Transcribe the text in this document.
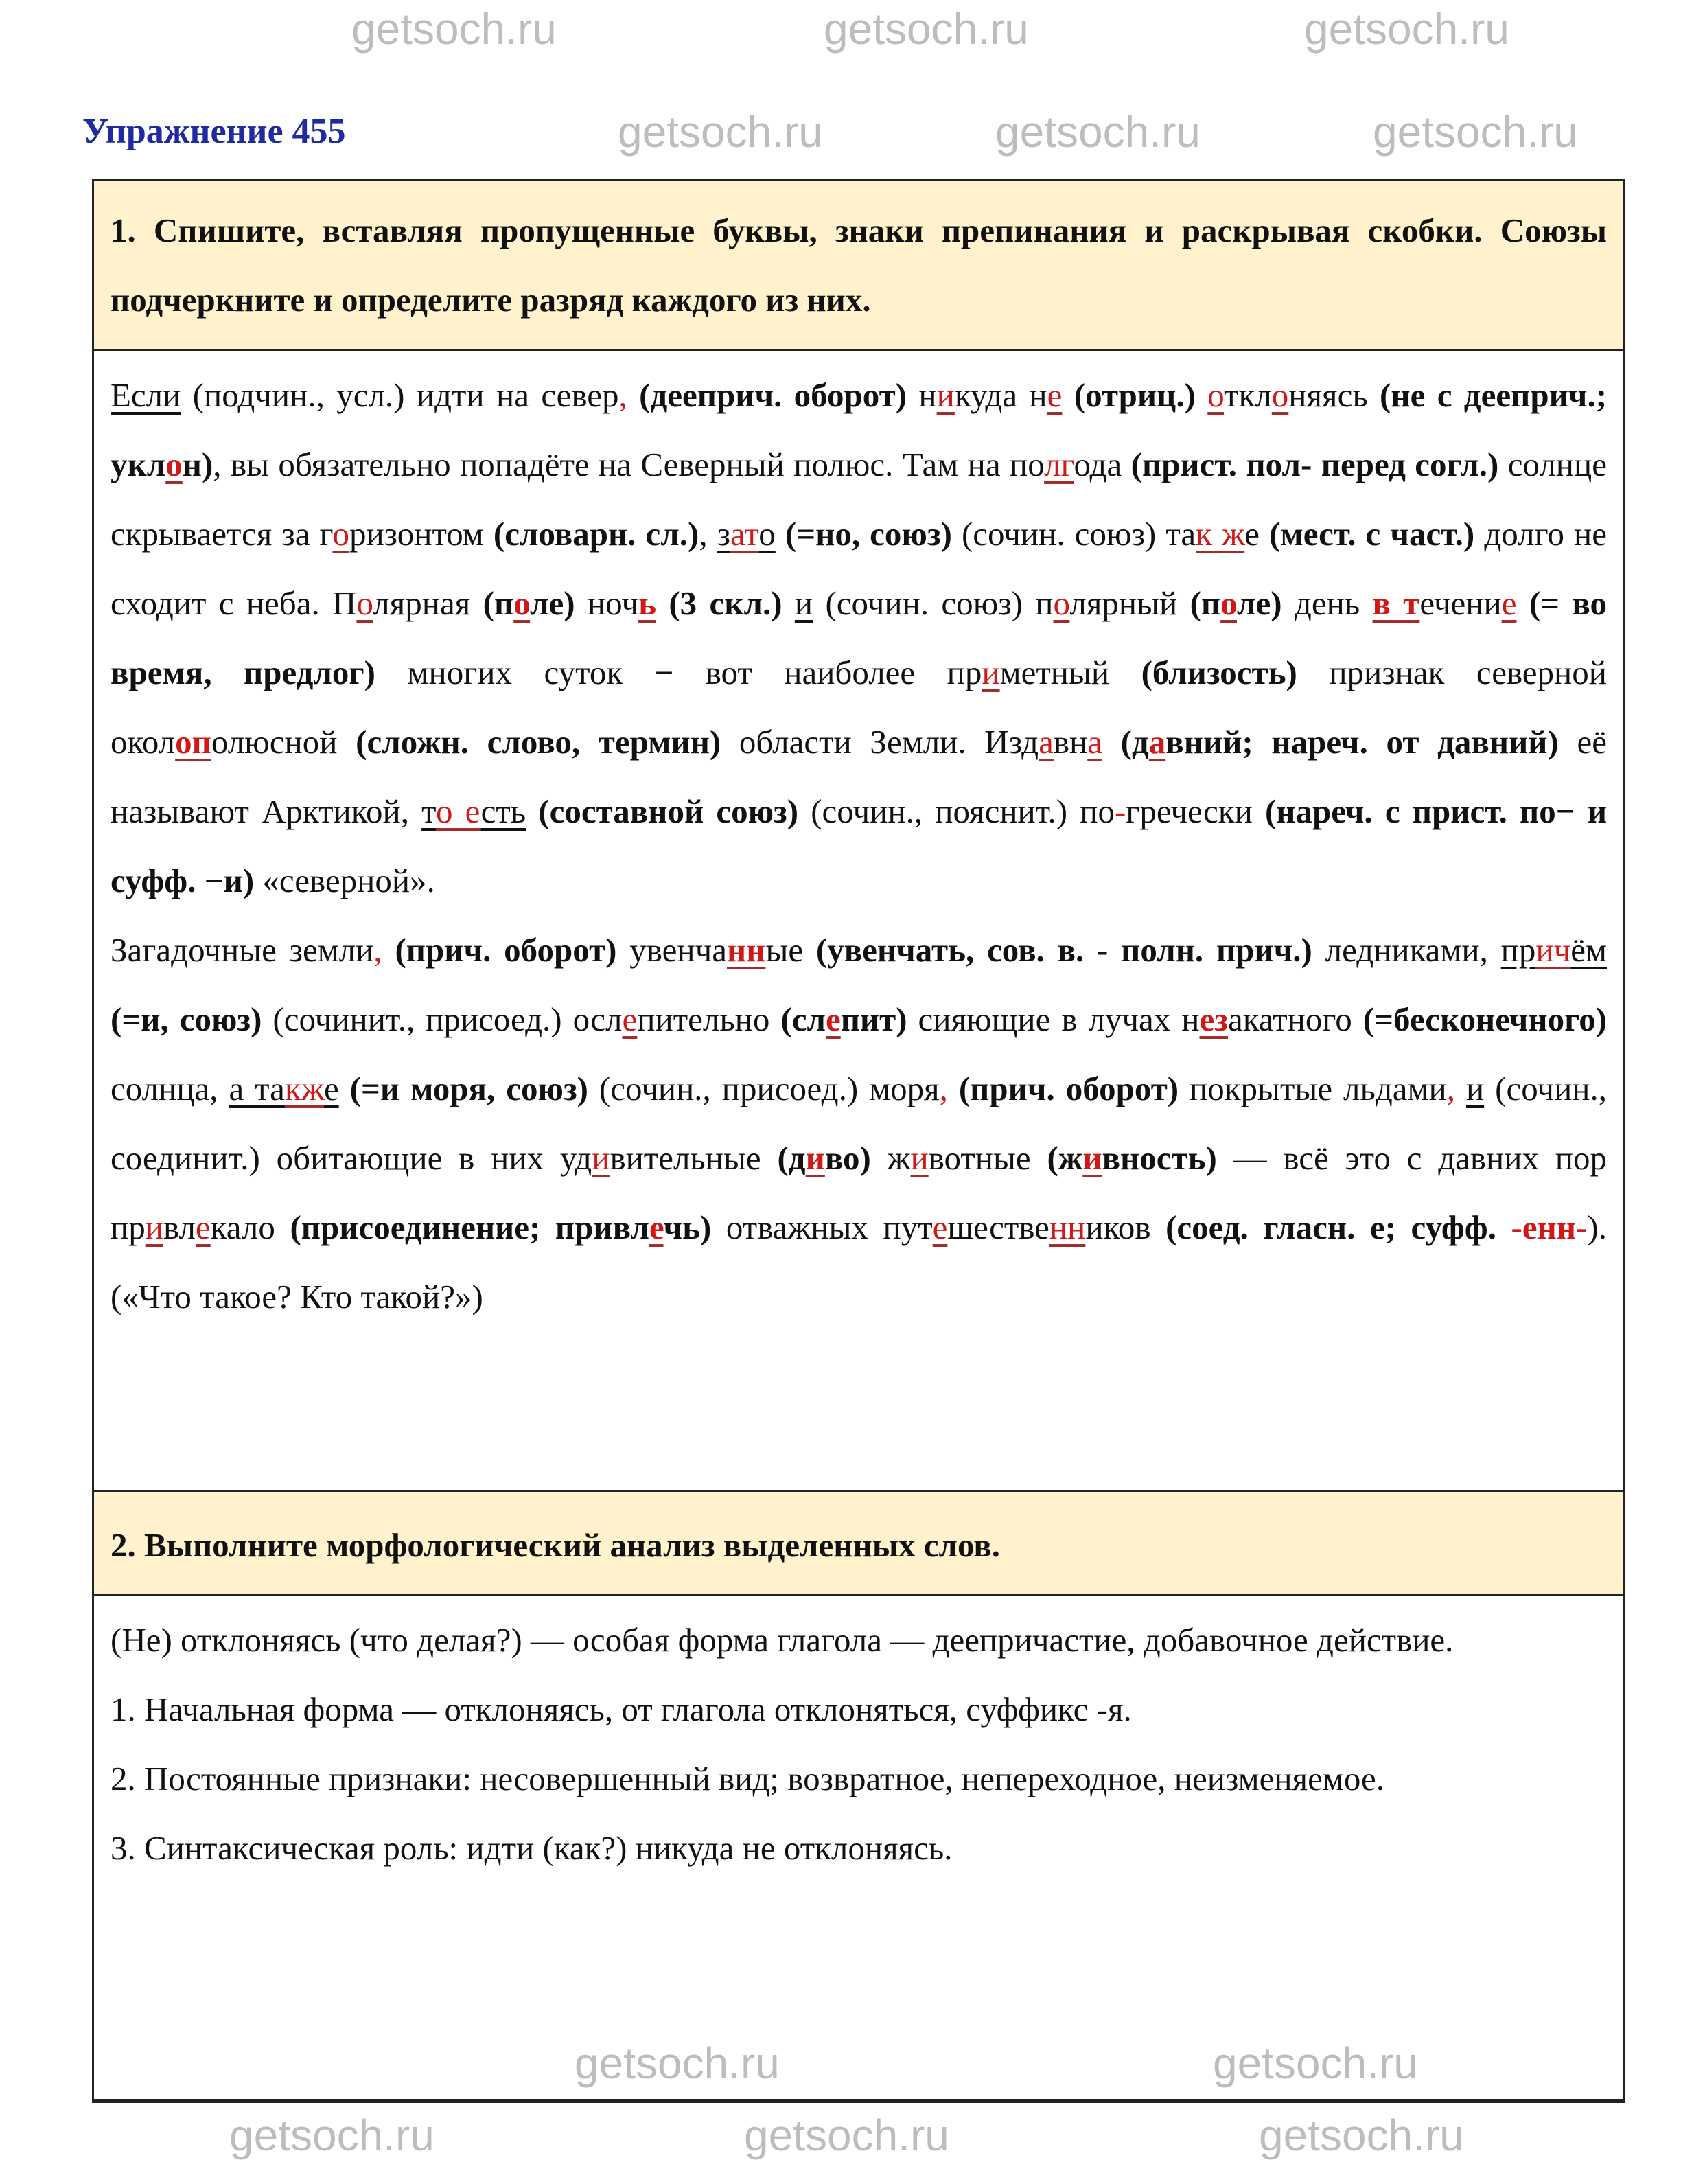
getsoch.ru	getsoch.ru	getsoch.ru
Упражнение 455	getsoch.ru	getsoch.ru	getsoch.ru

1. Спишите, вставляя пропущенные буквы, знаки препинания и раскрывая скобки. Союзы подчеркните и определите разряд каждого из них.

Если (подчин., усл.) идти на север, (дееприч. оборот) никуда не (отриц.) отклоняясь (не с дееприч.; уклон), вы обязательно попадёте на Северный полюс. Там на полгода (прист. пол- перед согл.) солнце скрывается за горизонтом (словарн. сл.), зато (=но, союз) (сочин. союз) так же (мест. с част.) долго не сходит с неба. Полярная (поле) ночь (3 скл.) и (сочин. союз) полярный (поле) день в течение (= во время, предлог) многих суток − вот наиболее приметный (близость) признак северной околополюсной (сложн. слово, термин) области Земли. Издавна (давний; нареч. от давний) её называют Арктикой, то есть (составной союз) (сочин., пояснит.) по-гречески (нареч. с прист. по− и суфф. −и) «северной».

Загадочные земли, (прич. оборот) увенчанные (увенчать, сов. в. - полн. прич.) ледниками, причём (=и, союз) (сочинит., присоед.) ослепительно (слепит) сияющие в лучах незакатного (=бесконечного) солнца, а также (=и моря, союз) (сочин., присоед.) моря, (прич. оборот) покрытые льдами, и (сочин., соединит.) обитающие в них удивительные (диво) животные (живность) — всё это с давних пор привлекало (присоединение; привлечь) отважных путешественников (соед. гласн. е; суфф. -енн-). («Что такое? Кто такой?»)

2. Выполните морфологический анализ выделенных слов.

(Не) отклоняясь (что делая?) — особая форма глагола — деепричастие, добавочное действие.

1. Начальная форма — отклоняясь, от глагола отклоняться, суффикс -я.

2. Постоянные признаки: несовершенный вид; возвратное, непереходное, неизменяемое.

3. Синтаксическая роль: идти (как?) никуда не отклоняясь.

getsoch.ru	getsoch.ru
getsoch.ru	getsoch.ru	getsoch.ru
